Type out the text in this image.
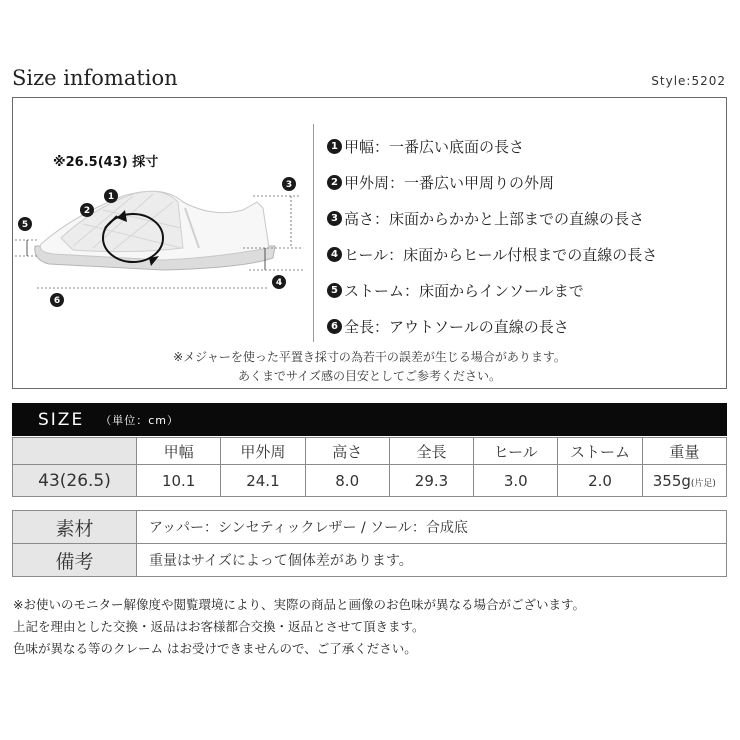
Size infomation	Style:5202
1
2
3
4
5
6
※26.5(43) 採寸
1 甲幅：一番広い底面の長さ
2 甲外周：一番広い甲周りの外周
3 高さ：床面からかかと上部までの直線の長さ
4 ヒール：床面からヒール付根までの直線の長さ
5 ストーム：床面からインソールまで
6 全長：アウトソールの直線の長さ
※メジャーを使った平置き採寸の為若干の誤差が生じる場合があります。
あくまでサイズ感の目安としてご参考ください。
SIZE （単位：cm）
	甲幅	甲外周	高さ	全長	ヒール	ストーム	重量
43(26.5)	10.1	24.1	8.0	29.3	3.0	2.0	355g(片足)
素材	アッパー：シンセティックレザー / ソール：合成底
備考	重量はサイズによって個体差があります。
※お使いのモニター解像度や閲覧環境により、実際の商品と画像のお色味が異なる場合がございます。
上記を理由とした交換・返品はお客様都合交換・返品とさせて頂きます。
色味が異なる等のクレーム はお受けできませんので、ご了承ください。
